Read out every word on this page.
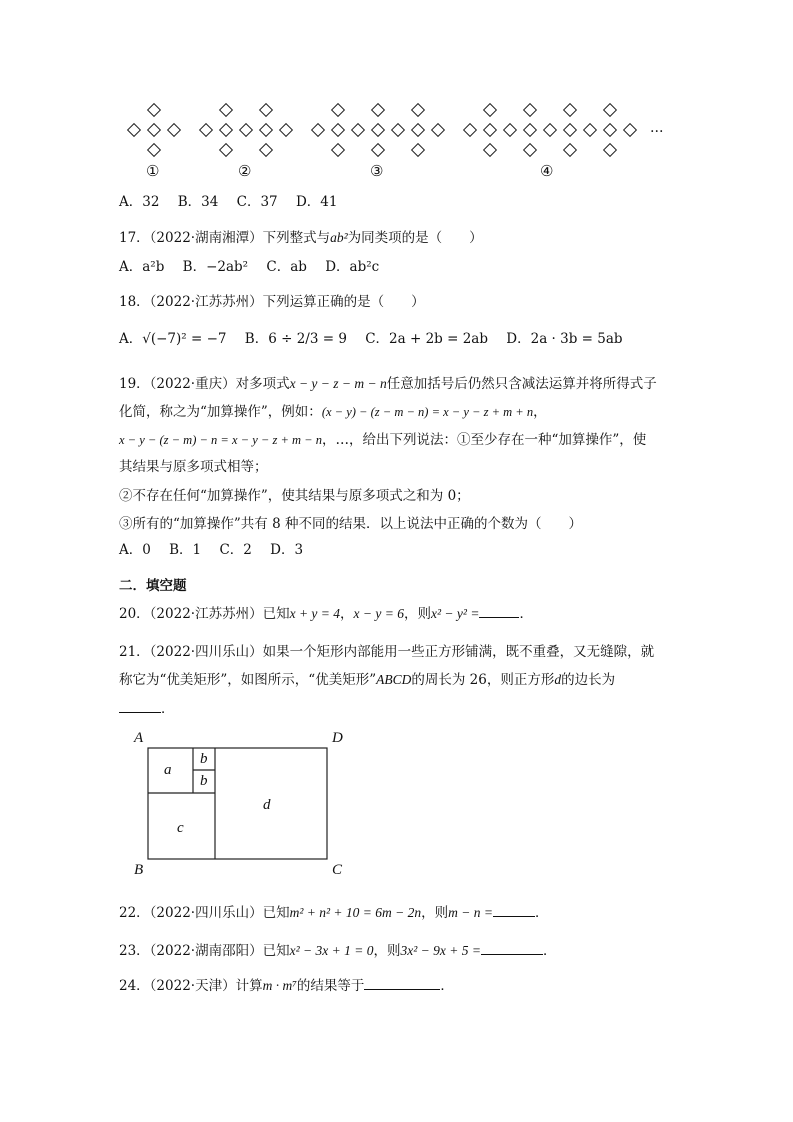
①	②	③	④
…
A．32 B．34 C．37 D．41
17．（2022·湖南湘潭）下列整式与ab²为同类项的是（　　）
A．a²b B．−2ab² C．ab D．ab²c
18．（2022·江苏苏州）下列运算正确的是（　　）
A．√(−7)² = −7 B．6 ÷ 2/3 = 9 C．2a + 2b = 2ab D．2a · 3b = 5ab
19．（2022·重庆）对多项式x − y − z − m − n任意加括号后仍然只含减法运算并将所得式子
化简，称之为“加算操作”，例如：(x − y) − (z − m − n) = x − y − z + m + n，
x − y − (z − m) − n = x − y − z + m − n，…，给出下列说法：①至少存在一种“加算操作”，使
其结果与原多项式相等；
②不存在任何“加算操作”，使其结果与原多项式之和为 0；
③所有的“加算操作”共有 8 种不同的结果．以上说法中正确的个数为（　　）
A．0 B．1 C．2 D．3
二．填空题
20．（2022·江苏苏州）已知x + y = 4，x − y = 6，则x² − y² =	．
21．（2022·四川乐山）如果一个矩形内部能用一些正方形铺满，既不重叠，又无缝隙，就
称它为“优美矩形”，如图所示，“优美矩形”ABCD的周长为 26，则正方形d的边长为
．
A	D
B	C
a
b
b
c
d
22．（2022·四川乐山）已知m² + n² + 10 = 6m − 2n，则m − n =	．
23．（2022·湖南邵阳）已知x² − 3x + 1 = 0，则3x² − 9x + 5 =	．
24．（2022·天津）计算m · m⁷的结果等于	．
